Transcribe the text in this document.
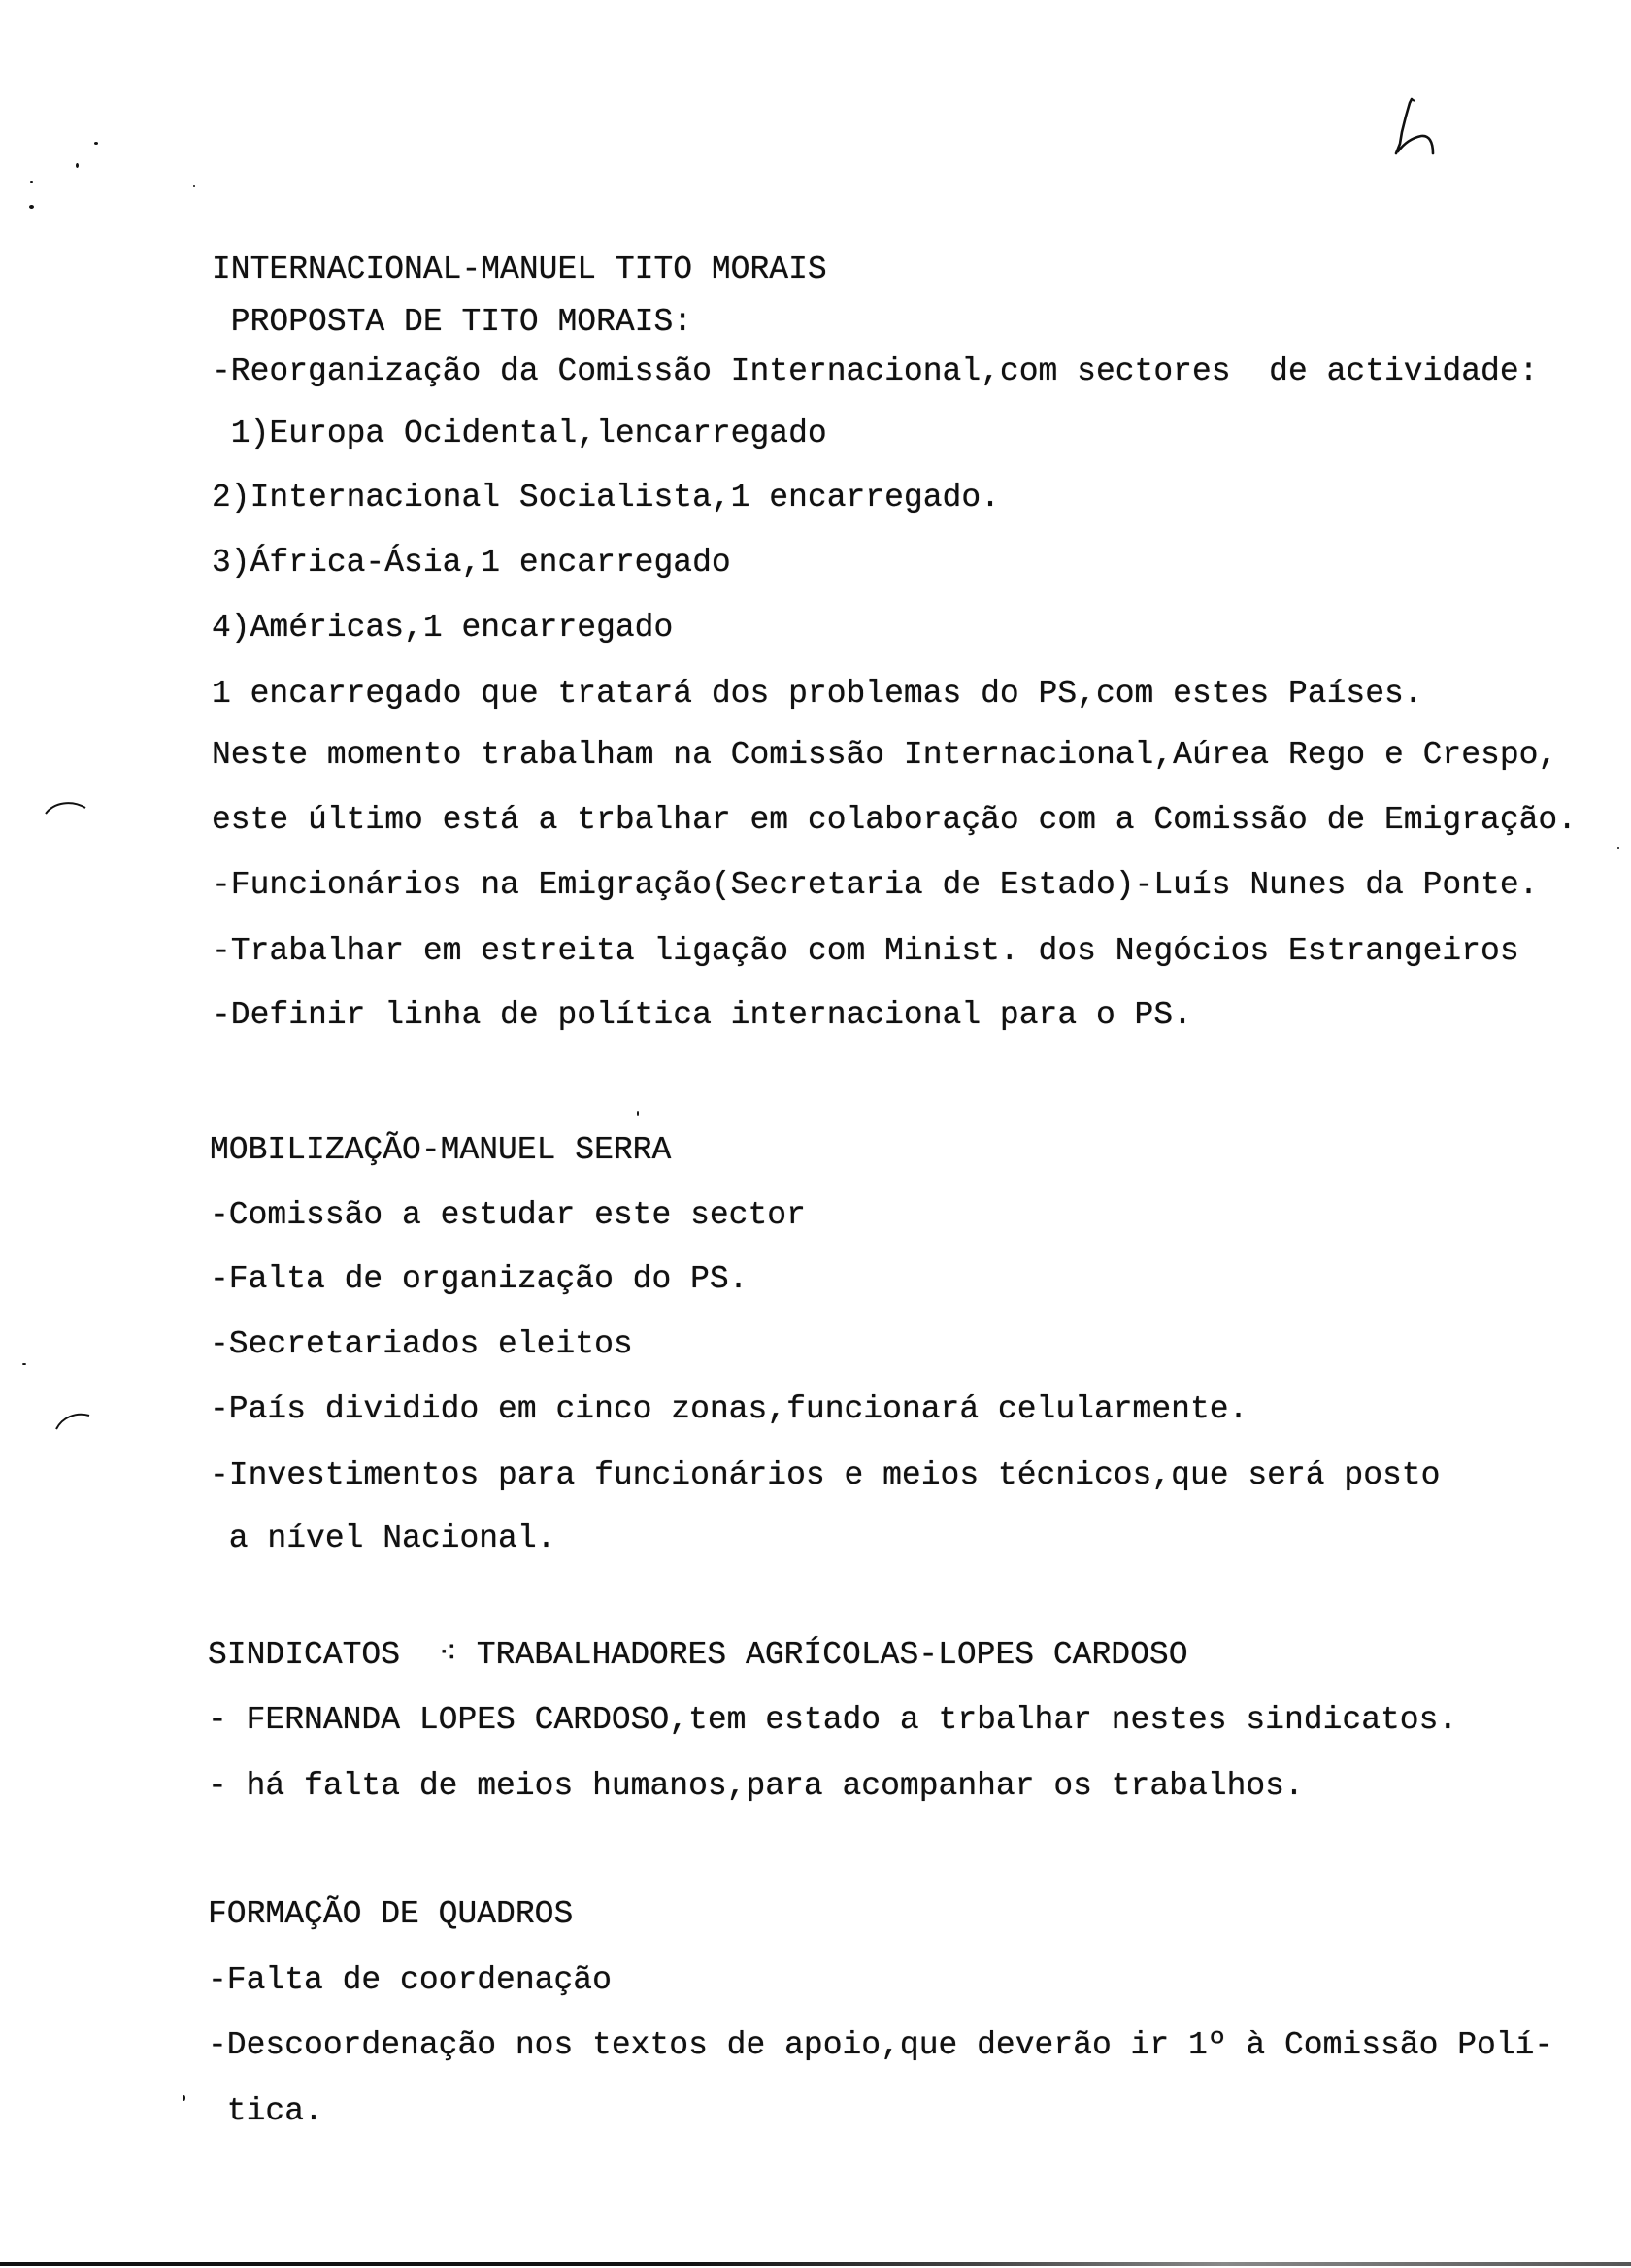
INTERNACIONAL-MANUEL TITO MORAIS
PROPOSTA DE TITO MORAIS:
-Reorganização da Comissão Internacional,com sectores  de actividade:
1)Europa Ocidental,lencarregado
2)Internacional Socialista,1 encarregado.
3)África-Ásia,1 encarregado
4)Américas,1 encarregado
1 encarregado que tratará dos problemas do PS,com estes Países.
Neste momento trabalham na Comissão Internacional,Aúrea Rego e Crespo,
este último está a trbalhar em colaboração com a Comissão de Emigração.
-Funcionários na Emigração(Secretaria de Estado)-Luís Nunes da Ponte.
-Trabalhar em estreita ligação com Minist. dos Negócios Estrangeiros
-Definir linha de política internacional para o PS.
MOBILIZAÇÃO-MANUEL SERRA
-Comissão a estudar este sector
-Falta de organização do PS.
-Secretariados eleitos
-País dividido em cinco zonas,funcionará celularmente.
-Investimentos para funcionários e meios técnicos,que será posto
a nível Nacional.
SINDICATOS  ⁖ TRABALHADORES AGRÍCOLAS-LOPES CARDOSO
- FERNANDA LOPES CARDOSO,tem estado a trbalhar nestes sindicatos.
- há falta de meios humanos,para acompanhar os trabalhos.
FORMAÇÃO DE QUADROS
-Falta de coordenação
-Descoordenação nos textos de apoio,que deverão ir 1º à Comissão Polí-
tica.
